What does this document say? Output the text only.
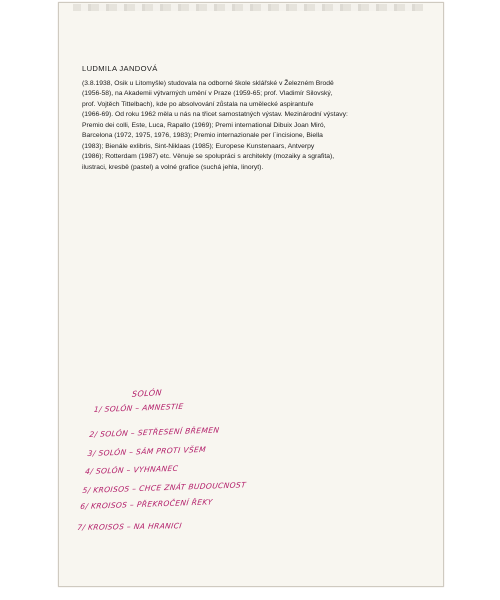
LUDMILA JANDOVÁ
(3.8.1938, Osik u Litomyšle) studovala na odborné škole sklářské v Železném Brodě
(1956-58), na Akademii výtvarných umění v Praze (1959-65; prof. Vladimír Silovský,
prof. Vojtěch Tittelbach), kde po absolvování zůstala na umělecké aspirantuře
(1966-69). Od roku 1962 měla u nás na třicet samostatných výstav. Mezinárodní výstavy:
Premio dei colli, Este, Luca, Rapallo (1969); Premi international Dibuix Joan Miró,
Barcelona (1972, 1975, 1976, 1983); Premio internazionale per l´incisione, Biella
(1983); Bienále exlibris, Sint-Niklaas (1985); Europese Kunstenaars, Antverpy
(1986); Rotterdam (1987) etc. Věnuje se spolupráci s architekty (mozaiky a sgrafita),
ilustraci, kresbě (pastel) a volné grafice (suchá jehla, linoryt).
SOLÓN
1/ SOLÓN – AMNESTIE
2/ SOLÓN – SETŘESENÍ BŘEMEN
3/ SOLÓN – SÁM PROTI VŠEM
4/ SOLÓN – VYHNANEC
5/ KROISOS – CHCE ZNÁT BUDOUCNOST
6/ KROISOS – PŘEKROČENÍ ŘEKY
7/ KROISOS – NA HRANICI
